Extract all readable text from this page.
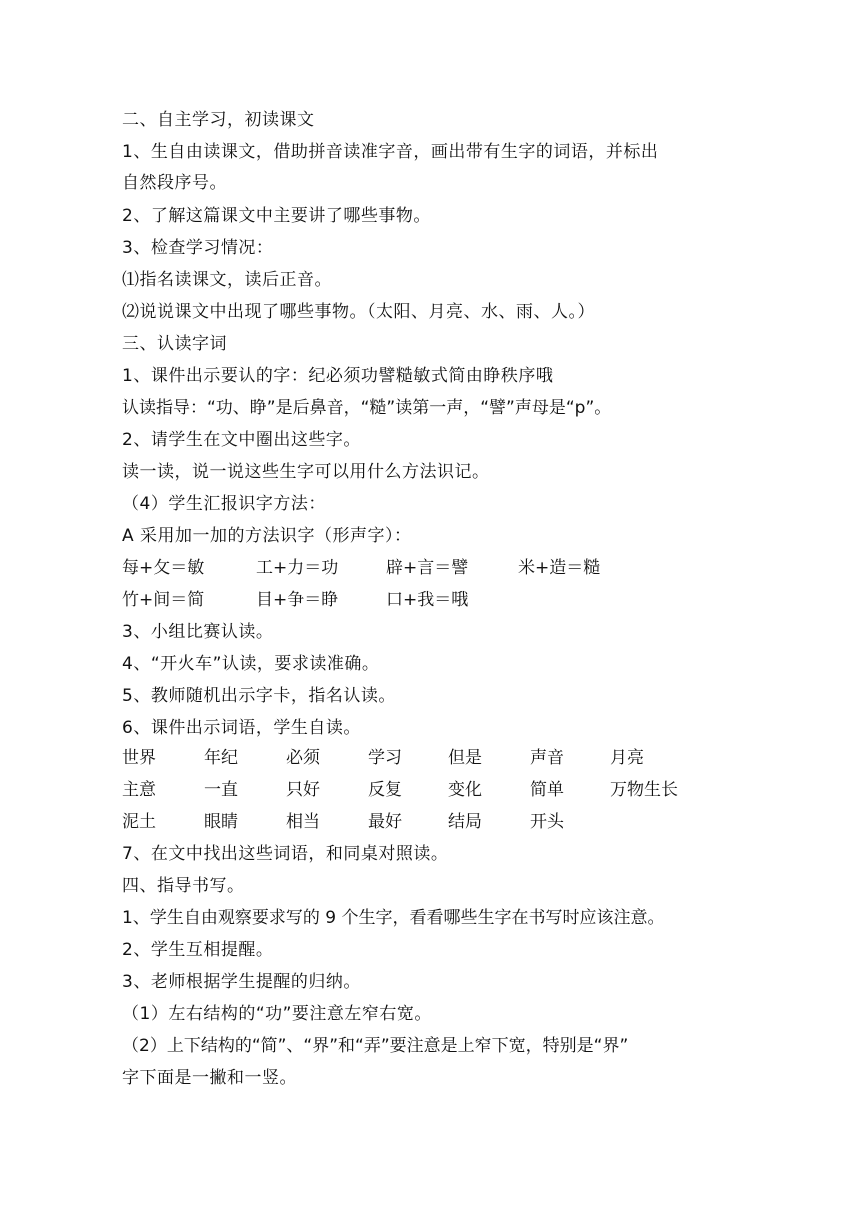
二、自主学习，初读课文
1、生自由读课文，借助拼音读准字音，画出带有生字的词语，并标出
自然段序号。
2、了解这篇课文中主要讲了哪些事物。
3、检查学习情况：
⑴指名读课文，读后正音。
⑵说说课文中出现了哪些事物。（太阳、月亮、水、雨、人。）
三、认读字词
1、课件出示要认的字：纪必须功譬糙敏式简由睁秩序哦
认读指导：“功、睁”是后鼻音，“糙”读第一声，“譬”声母是“p”。
2、请学生在文中圈出这些字。
读一读，说一说这些生字可以用什么方法识记。
（4）学生汇报识字方法：
A 采用加一加的方法识字（形声字）：
每+攵＝敏	工+力＝功	辟+言＝譬	米+造＝糙
竹+间＝简	目+争＝睁	口+我＝哦
3、小组比赛认读。
4、“开火车”认读，要求读准确。
5、教师随机出示字卡，指名认读。
6、课件出示词语，学生自读。
世界	年纪	必须	学习	但是	声音	月亮
主意	一直	只好	反复	变化	简单	万物生长
泥土	眼睛	相当	最好	结局	开头
7、在文中找出这些词语，和同桌对照读。
四、指导书写。
1、学生自由观察要求写的 9 个生字，看看哪些生字在书写时应该注意。
2、学生互相提醒。
3、老师根据学生提醒的归纳。
（1）左右结构的“功”要注意左窄右宽。
（2）上下结构的“简”、“界”和“弄”要注意是上窄下宽，特别是“界”
字下面是一撇和一竖。
